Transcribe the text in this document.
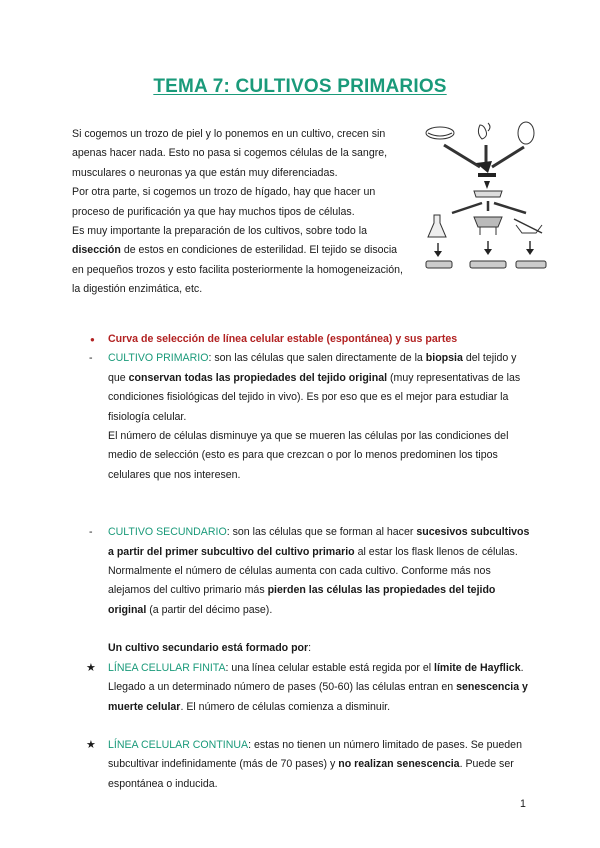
TEMA 7: CULTIVOS PRIMARIOS

Si cogemos un trozo de piel y lo ponemos en un cultivo, crecen sin apenas hacer nada. Esto no pasa si cogemos células de la sangre, musculares o neuronas ya que están muy diferenciadas.

Por otra parte, si cogemos un trozo de hígado, hay que hacer un proceso de purificación ya que hay muchos tipos de células.

Es muy importante la preparación de los cultivos, sobre todo la disección de estos en condiciones de esterilidad. El tejido se disocia en pequeños trozos y esto facilita posteriormente la homogeneización, la digestión enzimática, etc.

● Curva de selección de línea celular estable (espontánea) y sus partes
- CULTIVO PRIMARIO: son las células que salen directamente de la biopsia del tejido y que conservan todas las propiedades del tejido original (muy representativas de las condiciones fisiológicas del tejido in vivo). Es por eso que es el mejor para estudiar la fisiología celular.

El número de células disminuye ya que se mueren las células por las condiciones del medio de selección (esto es para que crezcan o por lo menos predominen los tipos celulares que nos interesen.

- CULTIVO SECUNDARIO: son las células que se forman al hacer sucesivos subcultivos a partir del primer subcultivo del cultivo primario al estar los flask llenos de células. Normalmente el número de células aumenta con cada cultivo. Conforme más nos alejamos del cultivo primario más pierden las células las propiedades del tejido original (a partir del décimo pase).

Un cultivo secundario está formado por:
★ LÍNEA CELULAR FINITA: una línea celular estable está regida por el límite de Hayflick. Llegado a un determinado número de pases (50-60) las células entran en senescencia y muerte celular. El número de células comienza a disminuir.

★ LÍNEA CELULAR CONTINUA: estas no tienen un número limitado de pases. Se pueden subcultivar indefinidamente (más de 70 pases) y no realizan senescencia. Puede ser espontánea o inducida.

1
